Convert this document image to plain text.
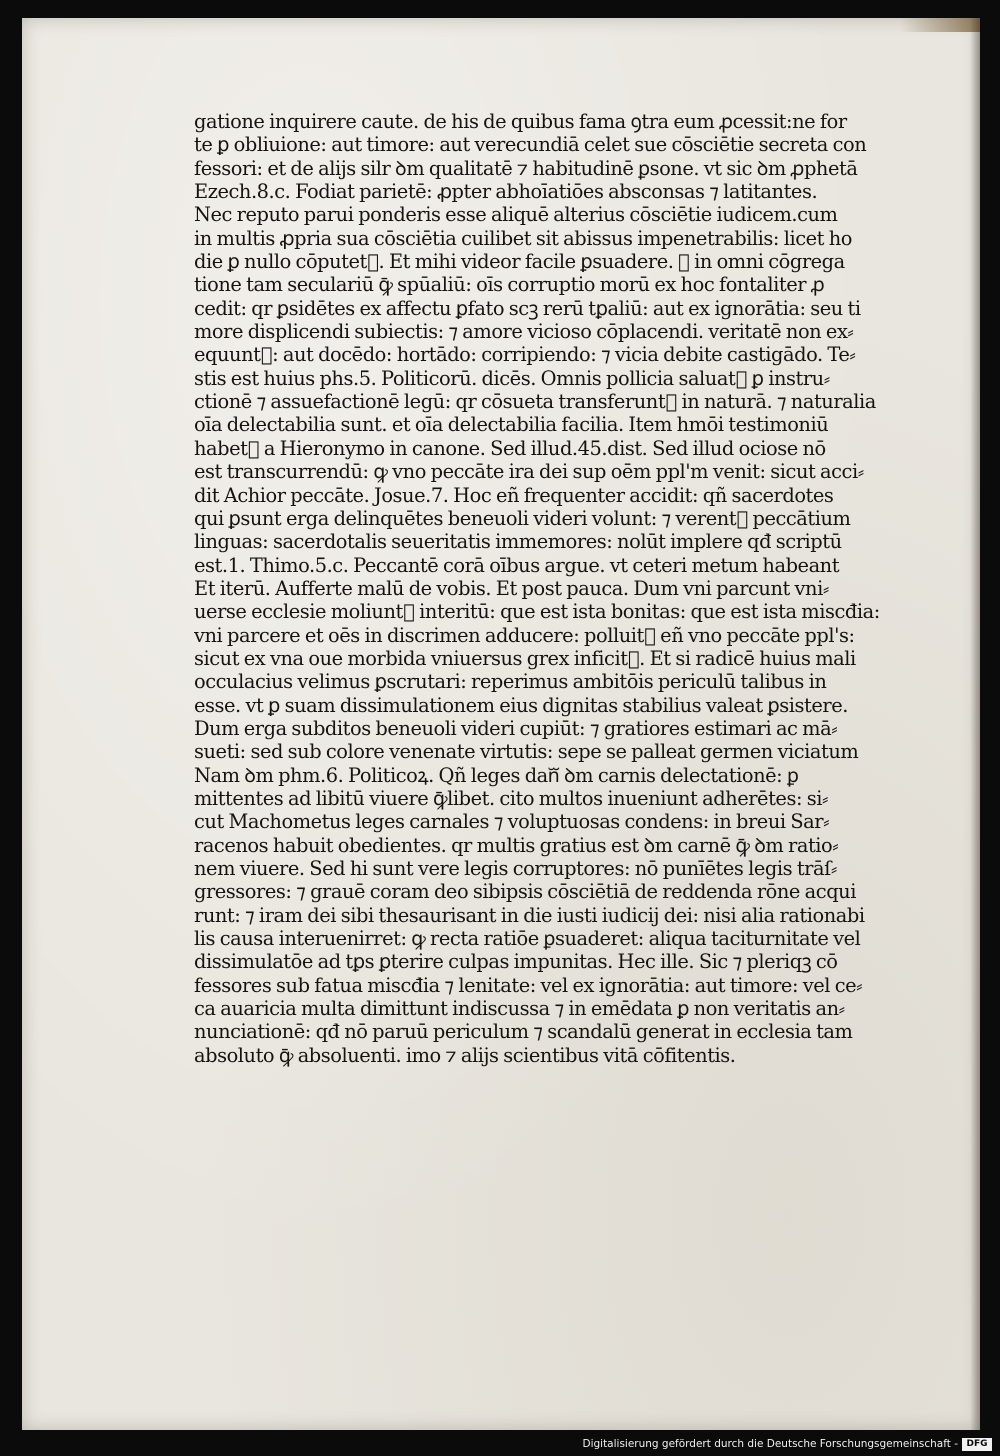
gatione inquirere caute. de his de quibus fama ꝯtra eum ꝓcessit:ne for
te ꝑ obliuione: aut timore: aut verecundiā celet sue cōsciētie secreta con
fessori: et de alijs silr ꝺm qualitatē ⁊ habitudinē ꝑsone. vt sic ꝺm ꝓphetā
Ezech.8.c. Fodiat parietē: ꝓpter abhoīatiōes absconsas ⁊ latitantes.
Nec reputo parui ponderis esse aliquē alterius cōsciētie iudicem.cum
in multis ꝓpria sua cōsciētia cuilibet sit abissus impenetrabilis: licet ho
die ꝑ nullo cōputetᷓ. Et mihi videor facile ꝑsuadere. ꝙ in omni cōgrega
tione tam seculariū ꝙ̄ spūaliū: oīs corruptio morū ex hoc fontaliter ꝓ
cedit: qr ꝑsidētes ex affectu ꝑfato scꝫ rerū tꝑaliū: aut ex ignorātia: seu ti
more displicendi subiectis: ⁊ amore vicioso cōplacendi. veritatē non ex⸗
equuntᷓ: aut docēdo: hortādo: corripiendo: ⁊ vicia debite castigādo. Te⸗
stis est huius phs.5. Politicorū. dicēs. Omnis pollicia saluatᷓ ꝑ instru⸗
ctionē ⁊ assuefactionē legū: qr cōsueta transferuntᷓ in naturā. ⁊ naturalia
oīa delectabilia sunt. et oīa delectabilia facilia. Item hmōi testimoniū
habetᷓ a Hieronymo in canone. Sed illud.45.dist. Sed illud ociose nō
est transcurrendū: ꝙ vno peccāte ira dei sup oēm ppl'm venit: sicut acci⸗
dit Achior peccāte. Josue.7. Hoc eñ frequenter accidit: qñ sacerdotes
qui ꝑsunt erga delinquētes beneuoli videri volunt: ⁊ verentᷓ peccātium
linguas: sacerdotalis seueritatis immemores: nolūt implere qđ scriptū
est.1. Thimo.5.c. Peccantē corā oībus argue. vt ceteri metum habeant
Et iterū. Aufferte malū de vobis. Et post pauca. Dum vni parcunt vni⸗
uerse ecclesie moliuntᷓ interitū: que est ista bonitas: que est ista miscđia:
vni parcere et oēs in discrimen adducere: polluitᷓ eñ vno peccāte ppl's:
sicut ex vna oue morbida vniuersus grex inficitᷓ. Et si radicē huius mali
occulacius velimus ꝑscrutari: reperimus ambitōis periculū talibus in
esse. vt ꝑ suam dissimulationem eius dignitas stabilius valeat ꝑsistere.
Dum erga subditos beneuoli videri cupiūt: ⁊ gratiores estimari ac mā⸗
sueti: sed sub colore venenate virtutis: sepe se palleat germen viciatum
Nam ꝺm phm.6. Politicoꝝ. Qñ leges danᷓ ꝺm carnis delectationē: ꝑ
mittentes ad libitū viuere ꝙ̄libet. cito multos inueniunt adherētes: si⸗
cut Machometus leges carnales ⁊ voluptuosas condens: in breui Sar⸗
racenos habuit obedientes. qr multis gratius est ꝺm carnē ꝙ̄ ꝺm ratio⸗
nem viuere. Sed hi sunt vere legis corruptores: nō punīētes legis trāſ⸗
gressores: ⁊ grauē coram deo sibipsis cōsciētiā de reddenda rōne acqui
runt: ⁊ iram dei sibi thesaurisant in die iusti iudicij dei: nisi alia rationabi
lis causa interuenirret: ꝙ recta ratiōe ꝑsuaderet: aliqua taciturnitate vel
dissimulatōe ad tꝑs ꝑterire culpas impunitas. Hec ille. Sic ⁊ pleriqꝫ cō
fessores sub fatua miscđia ⁊ lenitate: vel ex ignorātia: aut timore: vel ce⸗
ca auaricia multa dimittunt indiscussa ⁊ in emēdata ꝑ non veritatis an⸗
nunciationē: qđ nō paruū periculum ⁊ scandalū generat in ecclesia tam
absoluto ꝙ̄ absoluenti. imo ⁊ alijs scientibus vitā cōfitentis.
Digitalisierung gefördert durch die Deutsche Forschungsgemeinschaft - DFG
